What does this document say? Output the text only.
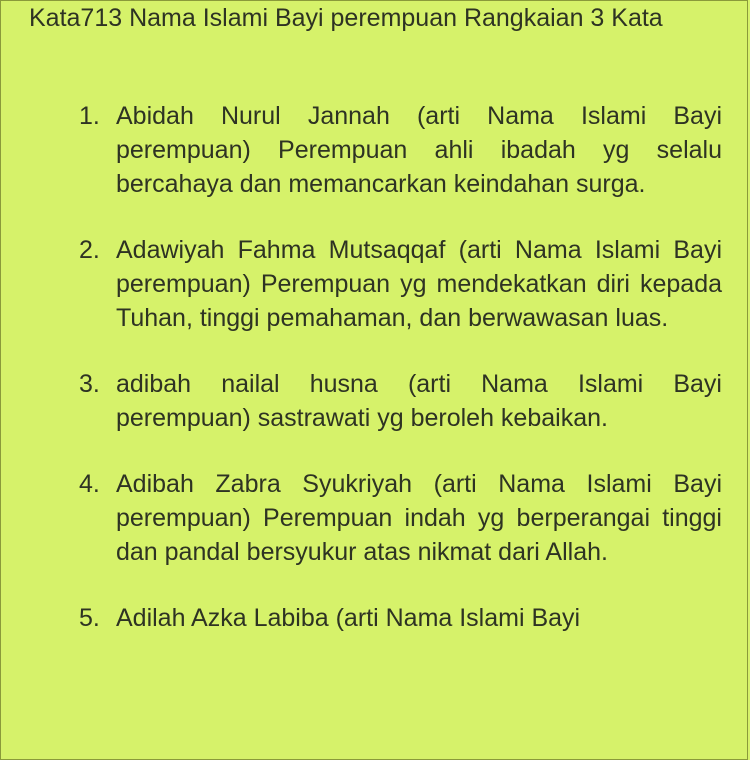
Kata713 Nama Islami Bayi perempuan Rangkaian 3 Kata

1. Abidah Nurul Jannah (arti Nama Islami Bayi perempuan) Perempuan ahli ibadah yg selalu bercahaya dan memancarkan keindahan surga.
2. Adawiyah Fahma Mutsaqqaf (arti Nama Islami Bayi perempuan) Perempuan yg mendekatkan diri kepada Tuhan, tinggi pemahaman, dan berwawasan luas.
3. adibah nailal husna (arti Nama Islami Bayi perempuan) sastrawati yg beroleh kebaikan.
4. Adibah Zabra Syukriyah (arti Nama Islami Bayi perempuan) Perempuan indah yg berperangai tinggi dan pandal bersyukur atas nikmat dari Allah.
5. Adilah Azka Labiba (arti Nama Islami Bayi
